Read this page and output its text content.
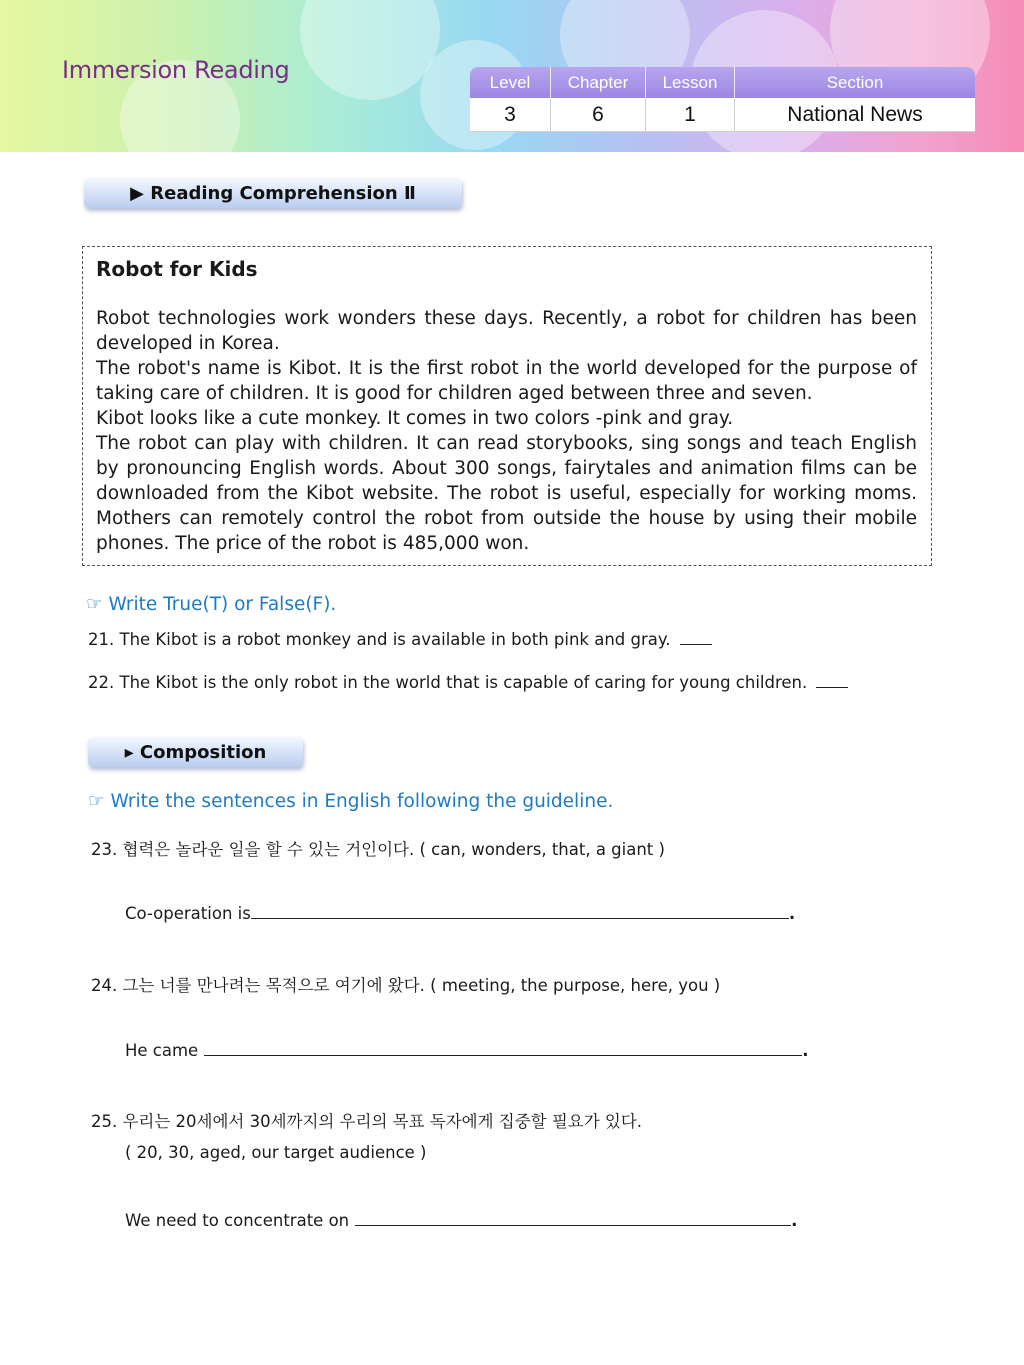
Immersion Reading	Level	Chapter	Lesson	Section
3	6	1	National News
▶ Reading Comprehension Ⅱ
Robot for Kids

Robot technologies work wonders these days. Recently, a robot for children has been developed in Korea.

The robot's name is Kibot. It is the first robot in the world developed for the purpose of taking care of children. It is good for children aged between three and seven.

Kibot looks like a cute monkey. It comes in two colors -pink and gray.

The robot can play with children. It can read storybooks, sing songs and teach English by pronouncing English words. About 300 songs, fairytales and animation films can be downloaded from the Kibot website. The robot is useful, especially for working moms. Mothers can remotely control the robot from outside the house by using their mobile phones. The price of the robot is 485,000 won.

☞ Write True(T) or False(F).
21. The Kibot is a robot monkey and is available in both pink and gray.
22. The Kibot is the only robot in the world that is capable of caring for young children.
▸ Composition
☞ Write the sentences in English following the guideline.
23. 협력은 놀라운 일을 할 수 있는 거인이다. ( can, wonders, that, a giant )
Co-operation is	.
24. 그는 너를 만나려는 목적으로 여기에 왔다. ( meeting, the purpose, here, you )
He came	.
25. 우리는 20세에서 30세까지의 우리의 목표 독자에게 집중할 필요가 있다.
( 20, 30, aged, our target audience )
We need to concentrate on	.
